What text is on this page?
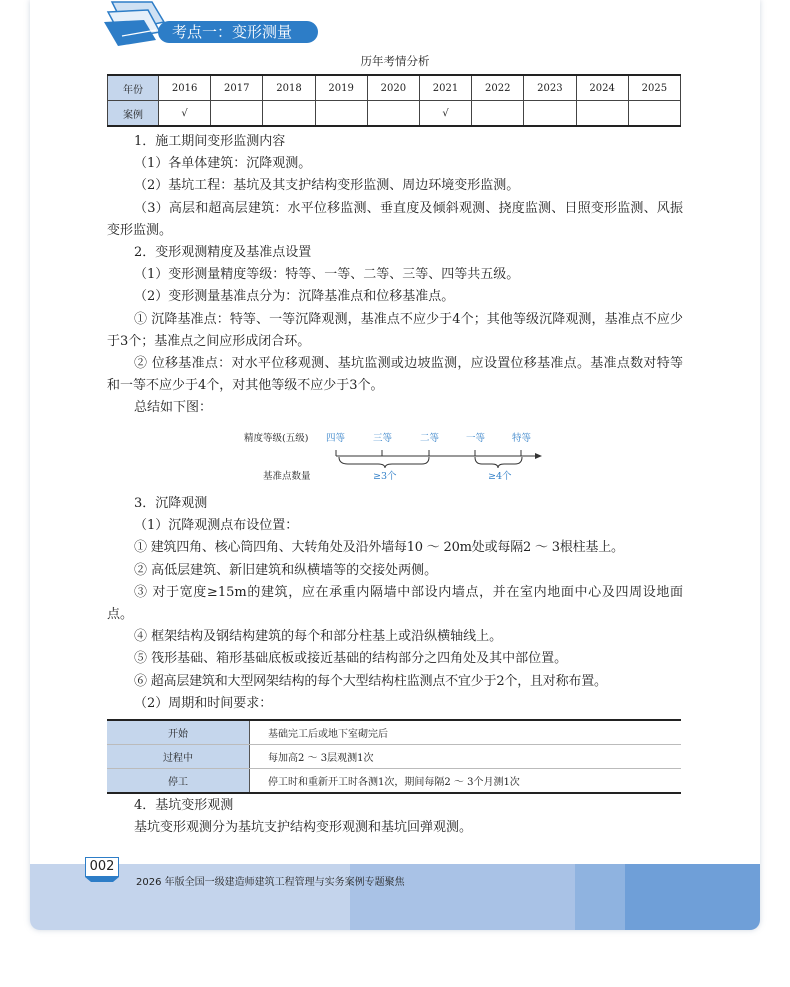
考点一：变形测量
历年考情分析
年份	2016	2017	2018	2019	2020	2021	2022	2023	2024	2025
案例	√					√				

1．施工期间变形监测内容

（1）各单体建筑：沉降观测。

（2）基坑工程：基坑及其支护结构变形监测、周边环境变形监测。

（3）高层和超高层建筑：水平位移监测、垂直度及倾斜观测、挠度监测、日照变形监测、风振变形监测。

2．变形观测精度及基准点设置

（1）变形测量精度等级：特等、一等、二等、三等、四等共五级。

（2）变形测量基准点分为：沉降基准点和位移基准点。

① 沉降基准点：特等、一等沉降观测，基准点不应少于4个；其他等级沉降观测，基准点不应少于3个；基准点之间应形成闭合环。

② 位移基准点：对水平位移观测、基坑监测或边坡监测，应设置位移基准点。基准点数对特等和一等不应少于4个，对其他等级不应少于3个。

总结如下图：

精度等级(五级)
基准点数量
四等	三等	二等	一等	特等
≥3个	≥4个

3．沉降观测

（1）沉降观测点布设位置：

① 建筑四角、核心筒四角、大转角处及沿外墙每10 ～ 20m处或每隔2 ～ 3根柱基上。

② 高低层建筑、新旧建筑和纵横墙等的交接处两侧。

③ 对于宽度≥15m的建筑，应在承重内隔墙中部设内墙点，并在室内地面中心及四周设地面点。

④ 框架结构及钢结构建筑的每个和部分柱基上或沿纵横轴线上。

⑤ 筏形基础、箱形基础底板或接近基础的结构部分之四角处及其中部位置。

⑥ 超高层建筑和大型网架结构的每个大型结构柱监测点不宜少于2个，且对称布置。

（2）周期和时间要求：

开始	基础完工后或地下室砌完后
过程中	每加高2 ～ 3层观测1次
停工	停工时和重新开工时各测1次，期间每隔2 ～ 3个月测1次

4．基坑变形观测

基坑变形观测分为基坑支护结构变形观测和基坑回弹观测。

002
2026 年版全国一级建造师建筑工程管理与实务案例专题聚焦
